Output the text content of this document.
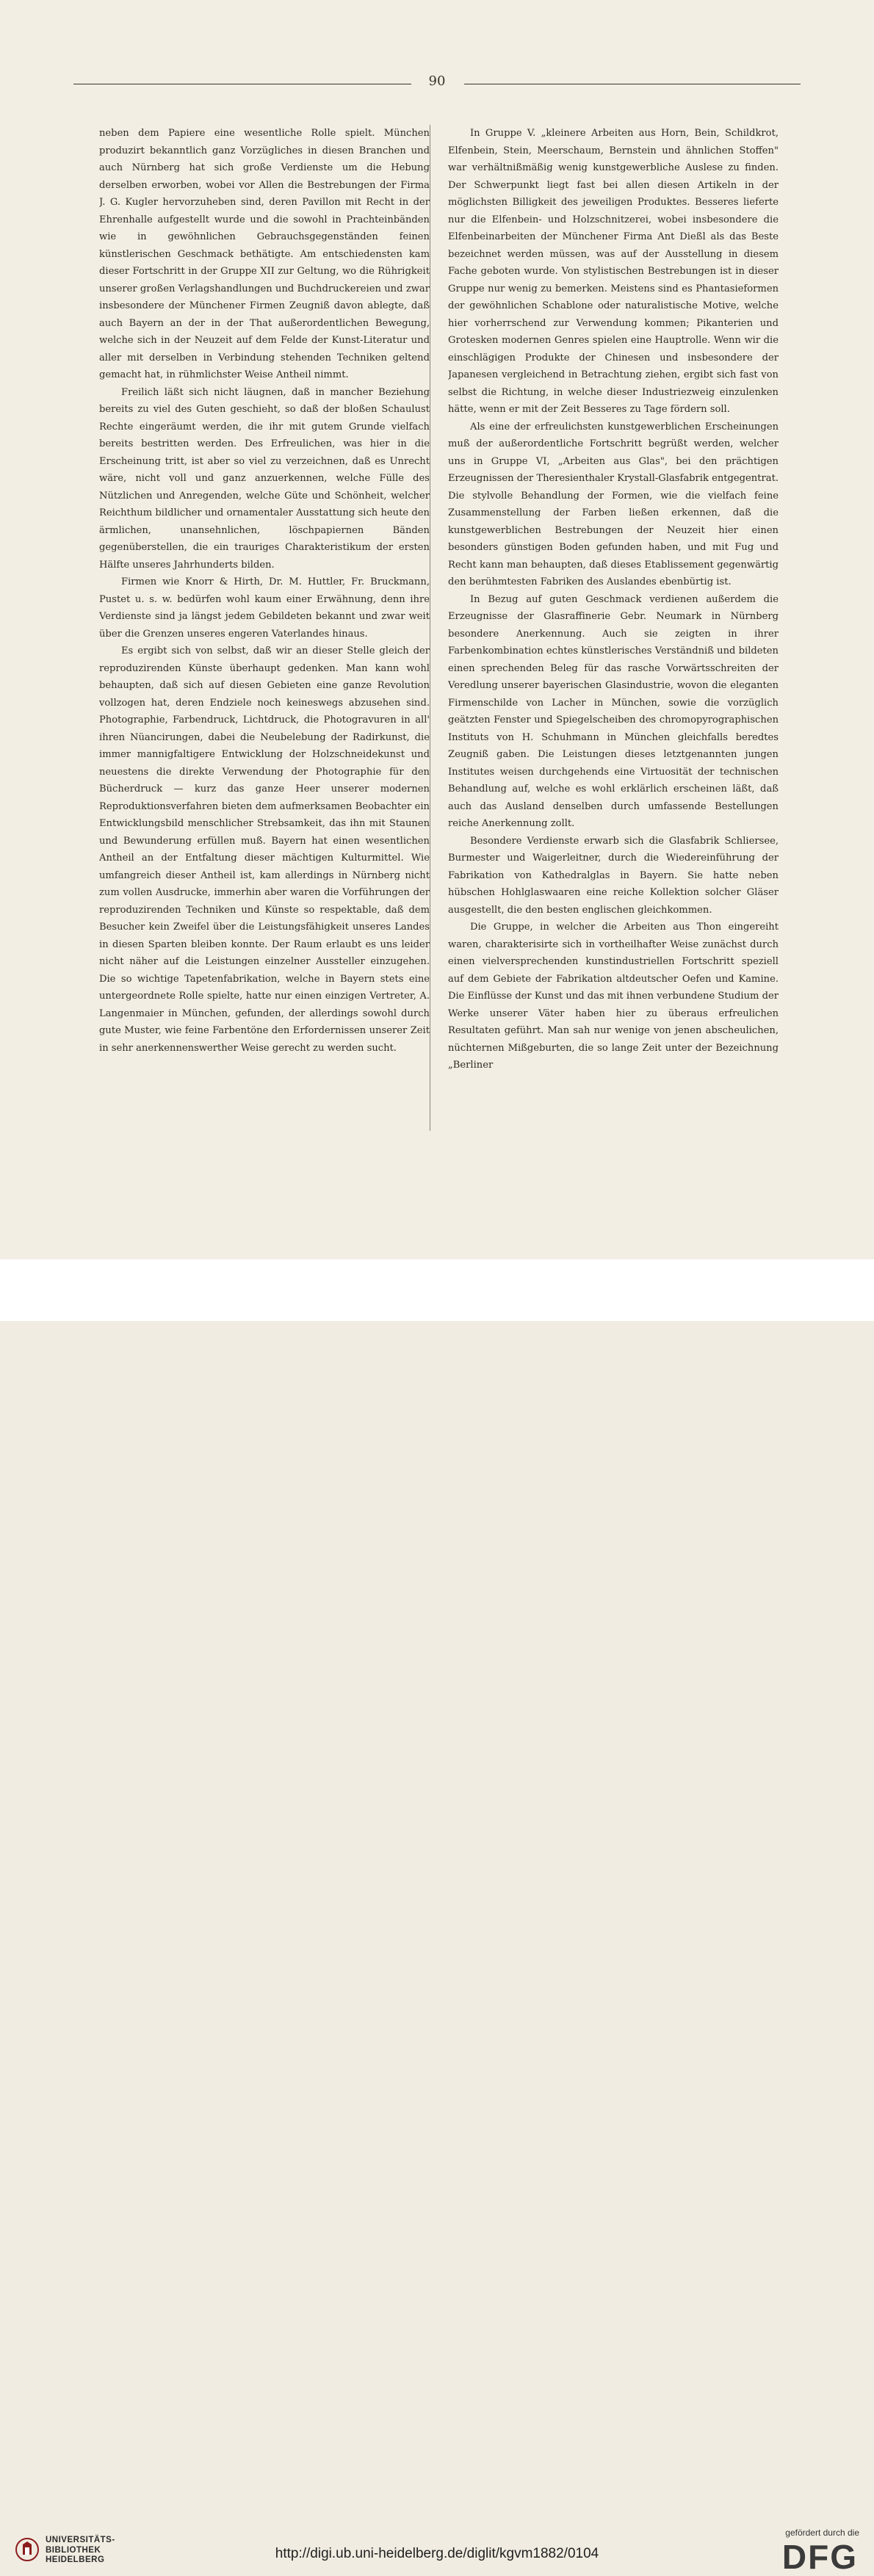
90

neben dem Papiere eine wesentliche Rolle spielt. München produzirt bekanntlich ganz Vorzügliches in diesen Branchen und auch Nürnberg hat sich große Verdienste um die Hebung derselben erworben, wobei vor Allen die Bestrebungen der Firma J. G. Kugler hervorzuheben sind, deren Pavillon mit Recht in der Ehrenhalle aufgestellt wurde und die sowohl in Prachteinbänden wie in gewöhnlichen Gebrauchsgegenständen feinen künstlerischen Geschmack bethätigte. Am entschiedensten kam dieser Fortschritt in der Gruppe XII zur Geltung, wo die Rührigkeit unserer großen Verlagshandlungen und Buchdruckereien und zwar insbesondere der Münchener Firmen Zeugniß davon ablegte, daß auch Bayern an der in der That außerordentlichen Bewegung, welche sich in der Neuzeit auf dem Felde der Kunst-Literatur und aller mit derselben in Verbindung stehenden Techniken geltend gemacht hat, in rühmlichster Weise Antheil nimmt.

Freilich läßt sich nicht läugnen, daß in mancher Beziehung bereits zu viel des Guten geschieht, so daß der bloßen Schaulust Rechte eingeräumt werden, die ihr mit gutem Grunde vielfach bereits bestritten werden. Des Erfreulichen, was hier in die Erscheinung tritt, ist aber so viel zu verzeichnen, daß es Unrecht wäre, nicht voll und ganz anzuerkennen, welche Fülle des Nützlichen und Anregenden, welche Güte und Schönheit, welcher Reichthum bildlicher und ornamentaler Ausstattung sich heute den ärmlichen, unansehnlichen, löschpapiernen Bänden gegenüberstellen, die ein trauriges Charakteristikum der ersten Hälfte unseres Jahrhunderts bilden.

Firmen wie Knorr & Hirth, Dr. M. Huttler, Fr. Bruckmann, Pustet u. s. w. bedürfen wohl kaum einer Erwähnung, denn ihre Verdienste sind ja längst jedem Gebildeten bekannt und zwar weit über die Grenzen unseres engeren Vaterlandes hinaus.

Es ergibt sich von selbst, daß wir an dieser Stelle gleich der reproduzirenden Künste überhaupt gedenken. Man kann wohl behaupten, daß sich auf diesen Gebieten eine ganze Revolution vollzogen hat, deren Endziele noch keineswegs abzusehen sind. Photographie, Farbendruck, Lichtdruck, die Photogravuren in all' ihren Nüancirungen, dabei die Neubelebung der Radirkunst, die immer mannigfaltigere Entwicklung der Holzschneidekunst und neuestens die direkte Verwendung der Photographie für den Bücherdruck — kurz das ganze Heer unserer modernen Reproduktionsverfahren bieten dem aufmerksamen Beobachter ein Entwicklungsbild menschlicher Strebsamkeit, das ihn mit Staunen und Bewunderung erfüllen muß. Bayern hat einen wesentlichen Antheil an der Entfaltung dieser mächtigen Kulturmittel. Wie umfangreich dieser Antheil ist, kam allerdings in Nürnberg nicht zum vollen Ausdrucke, immerhin aber waren die Vorführungen der reproduzirenden Techniken und Künste so respektable, daß dem Besucher kein Zweifel über die Leistungsfähigkeit unseres Landes in diesen Sparten bleiben konnte. Der Raum erlaubt es uns leider nicht näher auf die Leistungen einzelner Aussteller einzugehen. Die so wichtige Tapetenfabrikation, welche in Bayern stets eine untergeordnete Rolle spielte, hatte nur einen einzigen Vertreter, A. Langenmaier in München, gefunden, der allerdings sowohl durch gute Muster, wie feine Farbentöne den Erfordernissen unserer Zeit in sehr anerkennenswerther Weise gerecht zu werden sucht.

In Gruppe V. „kleinere Arbeiten aus Horn, Bein, Schildkrot, Elfenbein, Stein, Meerschaum, Bernstein und ähnlichen Stoffen" war verhältnißmäßig wenig kunstgewerbliche Auslese zu finden. Der Schwerpunkt liegt fast bei allen diesen Artikeln in der möglichsten Billigkeit des jeweiligen Produktes. Besseres lieferte nur die Elfenbein- und Holzschnitzerei, wobei insbesondere die Elfenbeinarbeiten der Münchener Firma Ant Dießl als das Beste bezeichnet werden müssen, was auf der Ausstellung in diesem Fache geboten wurde. Von stylistischen Bestrebungen ist in dieser Gruppe nur wenig zu bemerken. Meistens sind es Phantasieformen der gewöhnlichen Schablone oder naturalistische Motive, welche hier vorherrschend zur Verwendung kommen; Pikanterien und Grotesken modernen Genres spielen eine Hauptrolle. Wenn wir die einschlägigen Produkte der Chinesen und insbesondere der Japanesen vergleichend in Betrachtung ziehen, ergibt sich fast von selbst die Richtung, in welche dieser Industriezweig einzulenken hätte, wenn er mit der Zeit Besseres zu Tage fördern soll.

Als eine der erfreulichsten kunstgewerblichen Erscheinungen muß der außerordentliche Fortschritt begrüßt werden, welcher uns in Gruppe VI, „Arbeiten aus Glas", bei den prächtigen Erzeugnissen der Theresienthaler Krystall-Glasfabrik entgegentrat. Die stylvolle Behandlung der Formen, wie die vielfach feine Zusammenstellung der Farben ließen erkennen, daß die kunstgewerblichen Bestrebungen der Neuzeit hier einen besonders günstigen Boden gefunden haben, und mit Fug und Recht kann man behaupten, daß dieses Etablissement gegenwärtig den berühmtesten Fabriken des Auslandes ebenbürtig ist.

In Bezug auf guten Geschmack verdienen außerdem die Erzeugnisse der Glasraffinerie Gebr. Neumark in Nürnberg besondere Anerkennung. Auch sie zeigten in ihrer Farbenkombination echtes künstlerisches Verständniß und bildeten einen sprechenden Beleg für das rasche Vorwärtsschreiten der Veredlung unserer bayerischen Glasindustrie, wovon die eleganten Firmenschilde von Lacher in München, sowie die vorzüglich geätzten Fenster und Spiegelscheiben des chromopyrographischen Instituts von H. Schuhmann in München gleichfalls beredtes Zeugniß gaben. Die Leistungen dieses letztgenannten jungen Institutes weisen durchgehends eine Virtuosität der technischen Behandlung auf, welche es wohl erklärlich erscheinen läßt, daß auch das Ausland denselben durch umfassende Bestellungen reiche Anerkennung zollt.

Besondere Verdienste erwarb sich die Glasfabrik Schliersee, Burmester und Waigerleitner, durch die Wiedereinführung der Fabrikation von Kathedralglas in Bayern. Sie hatte neben hübschen Hohlglaswaaren eine reiche Kollektion solcher Gläser ausgestellt, die den besten englischen gleichkommen.

Die Gruppe, in welcher die Arbeiten aus Thon eingereiht waren, charakterisirte sich in vortheilhafter Weise zunächst durch einen vielversprechenden kunstindustriellen Fortschritt speziell auf dem Gebiete der Fabrikation altdeutscher Oefen und Kamine. Die Einflüsse der Kunst und das mit ihnen verbundene Studium der Werke unserer Väter haben hier zu überaus erfreulichen Resultaten geführt. Man sah nur wenige von jenen abscheulichen, nüchternen Mißgeburten, die so lange Zeit unter der Bezeichnung „Berliner

UNIVERSITÄTS-
BIBLIOTHEK
HEIDELBERG	http://digi.ub.uni-heidelberg.de/diglit/kgvm1882/0104
gefördert durch die
DFG
